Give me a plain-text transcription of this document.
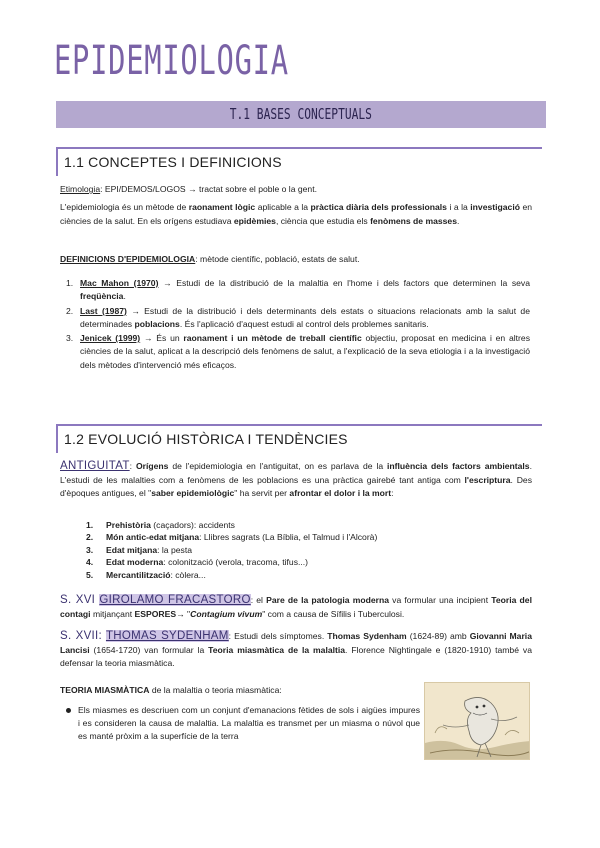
EPIDEMIOLOGIA
T.1 BASES CONCEPTUALS
1.1 CONCEPTES I DEFINICIONS
Etimologia: EPI/DEMOS/LOGOS → tractat sobre el poble o la gent.
L'epidemiologia és un mètode de raonament lògic aplicable a la pràctica diària dels professionals i a la investigació en ciències de la salut. En els orígens estudiava epidèmies, ciència que estudia els fenòmens de masses.
DEFINICIONS D'EPIDEMIOLOGIA: mètode científic, població, estats de salut.
1. Mac Mahon (1970) → Estudi de la distribució de la malaltia en l'home i dels factors que determinen la seva freqüència.
2. Last (1987) → Estudi de la distribució i dels determinants dels estats o situacions relacionats amb la salut de determinades poblacions. És l'aplicació d'aquest estudi al control dels problemes sanitaris.
3. Jenicek (1999) → És un raonament i un mètode de treball científic objectiu, proposat en medicina i en altres ciències de la salut, aplicat a la descripció dels fenòmens de salut, a l'explicació de la seva etiologia i a la investigació dels mètodes d'intervenció més eficaços.
1.2 EVOLUCIÓ HISTÒRICA I TENDÈNCIES
ANTIGUITAT: Orígens de l'epidemiologia en l'antiguitat, on es parlava de la influència dels factors ambientals. L'estudi de les malalties com a fenòmens de les poblacions es una pràctica gairebé tant antiga com l'escriptura. Des d'èpoques antigues, el "saber epidemiològic" ha servit per afrontar el dolor i la mort:
1. Prehistòria (caçadors): accidents
2. Món antic-edat mitjana: Llibres sagrats (La Bíblia, el Talmud i l'Alcorà)
3. Edat mitjana: la pesta
4. Edat moderna: colonització (verola, tracoma, tifus...)
5. Mercantilització: còlera...
S. XVI GIROLAMO FRACASTORO: el Pare de la patologia moderna va formular una incipient Teoria del contagi mitjançant ESPORES→ "Contagium vivum" com a causa de Sífilis i Tuberculosi.
S. XVII: THOMAS SYDENHAM: Estudi dels símptomes. Thomas Sydenham (1624-89) amb Giovanni Maria Lancisi (1654-1720) van formular la Teoria miasmàtica de la malaltia. Florence Nightingale e (1820-1910) també va defensar la teoria miasmàtica.
TEORIA MIASMÀTICA de la malaltia o teoria miasmàtica:
Els miasmes es descriuen com un conjunt d'emanacions fètides de sols i aigües impures i es consideren la causa de malaltia. La malaltia es transmet per un miasma o núvol que es manté pròxim a la superfície de la terra
